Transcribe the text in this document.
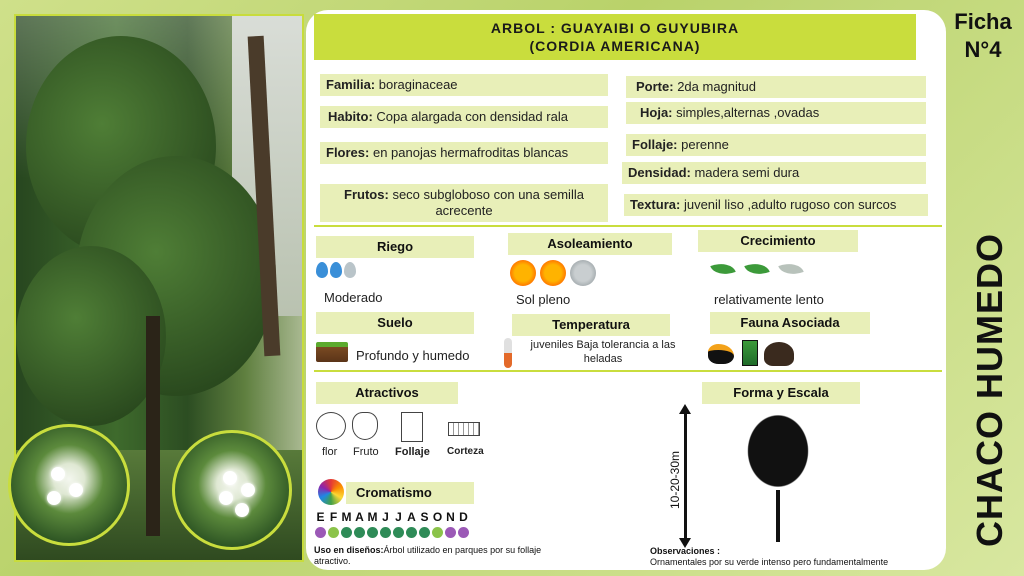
ARBOL : GUAYAIBI O GUYUBIRA
(CORDIA AMERICANA)
Familia: boraginaceae
Habito: Copa alargada con densidad rala
Flores: en panojas hermafroditas blancas
Frutos: seco subgloboso con una semilla acrecente
Porte: 2da magnitud
Hoja: simples,alternas ,ovadas
Follaje: perenne
Densidad: madera semi dura
Textura: juvenil liso ,adulto rugoso con surcos
Riego
Moderado
Asoleamiento
Sol pleno
Crecimiento
relativamente lento
Suelo
Profundo y humedo
Temperatura
juveniles Baja tolerancia a las heladas
Fauna Asociada
Atractivos
flor Fruto Follaje Corteza
Cromatismo
E F M A M J J A S O N D
Uso en diseños:Árbol utilizado en parques por su follaje atractivo.
Forma y Escala
10-20-30m
Observaciones :
Ornamentales por su verde intenso pero fundamentalmente
Ficha
N°4
CHACO HUMEDO
